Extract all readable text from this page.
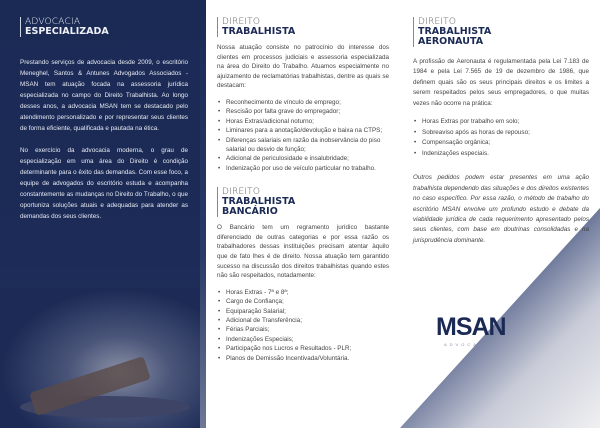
ADVOCACIA
ESPECIALIZADA

Prestando serviços de advocacia desde 2009, o escritório Meneghel, Santos & Antunes Advogados Associados - MSAN tem atuação focada na assessoria jurídica especializada no campo do Direito Trabalhista. Ao longo desses anos, a advocacia MSAN tem se destacado pelo atendimento personalizado e por representar seus clientes de forma eficiente, qualificada e pautada na ética.

No exercício da advocacia moderna, o grau de especialização em uma área do Direito é condição determinante para o êxito das demandas. Com esse foco, a equipe de advogados do escritório estuda e acompanha constantemente as mudanças no Direito do Trabalho, o que oportuniza soluções atuais e adequadas para atender as demandas dos seus clientes.

DIREITO
TRABALHISTA

Nossa atuação consiste no patrocínio do interesse dos clientes em processos judiciais e assessoria especializada na área do Direito do Trabalho. Atuamos especialmente no ajuizamento de reclamatórias trabalhistas, dentre as quais se destacam:

• Reconhecimento de vínculo de emprego;
• Rescisão por falta grave do empregador;
• Horas Extras/adicional noturno;
• Liminares para a anotação/devolução e baixa na CTPS;
• Diferenças salariais em razão da inobservância do piso salarial ou desvio de função;
• Adicional de periculosidade e insalubridade;
• Indenização por uso de veículo particular no trabalho.
DIREITO
TRABALHISTA
BANCÁRIO

O Bancário tem um regramento jurídico bastante diferenciado de outras categorias e por essa razão os trabalhadores dessas instituições precisam atentar àquilo que de fato lhes é de direito. Nossa atuação tem garantido sucesso na discussão dos direitos trabalhistas quando estes não são respeitados, notadamente:

• Horas Extras - 7ª e 8ª;
• Cargo de Confiança;
• Equiparação Salarial;
• Adicional de Transferência;
• Férias Parciais;
• Indenizações Especiais;
• Participação nos Lucros e Resultados - PLR;
• Planos de Demissão Incentivada/Voluntária.
DIREITO
TRABALHISTA
AERONAUTA

A profissão de Aeronauta é regulamentada pela Lei 7.183 de 1984 e pela Lei 7.565 de 19 de dezembro de 1986, que definem quais são os seus principais direitos e os limites a serem respeitados pelos seus empregadores, o que muitas vezes não ocorre na prática:

• Horas Extras por trabalho em solo;
• Sobreaviso após as horas de repouso;
• Compensação orgânica;
• Indenizações especiais.

Outros pedidos podem estar presentes em uma ação trabalhista dependendo das situações e dos direitos existentes no caso específico. Por essa razão, o método de trabalho do escritório MSAN envolve um profundo estudo e debate da viabilidade jurídica de cada requerimento apresentado pelos seus clientes, com base em doutrinas consolidadas e na jurisprudência dominante.

MSAN
ADVOCACIA
